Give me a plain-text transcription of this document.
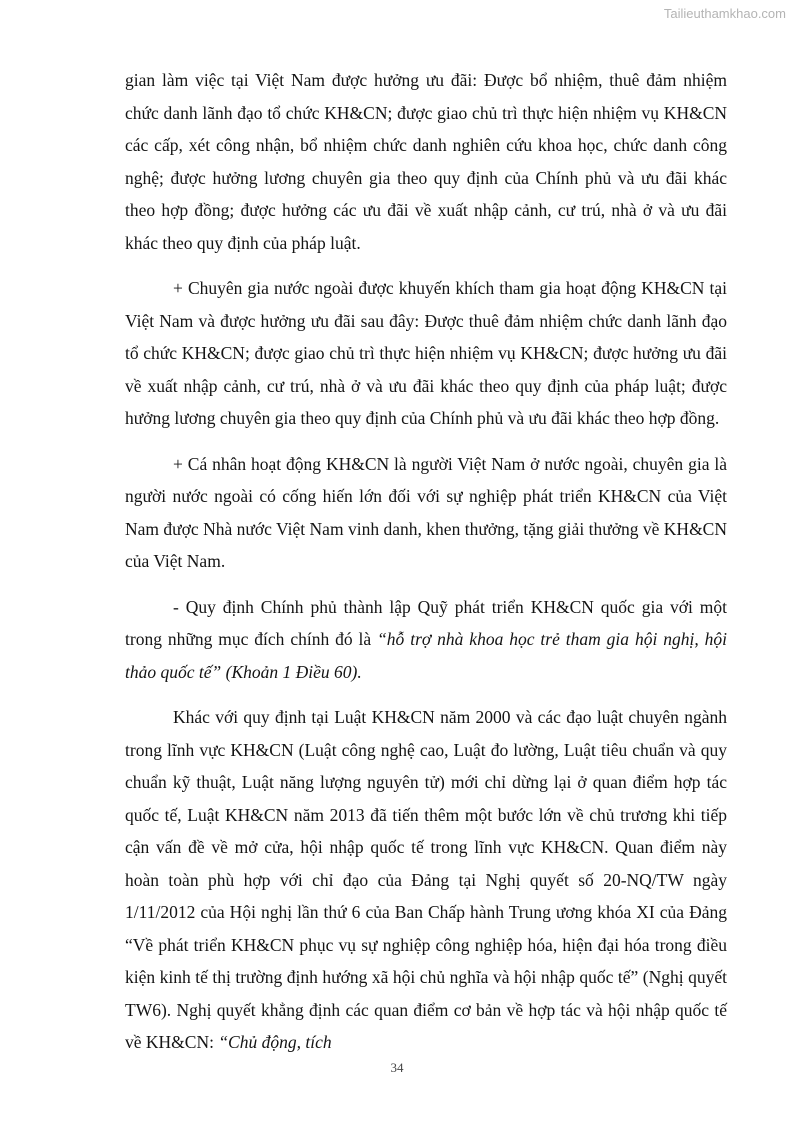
Tailieuthamkhao.com

gian làm việc tại Việt Nam được hưởng ưu đãi: Được bổ nhiệm, thuê đảm nhiệm chức danh lãnh đạo tổ chức KH&CN; được giao chủ trì thực hiện nhiệm vụ KH&CN các cấp, xét công nhận, bổ nhiệm chức danh nghiên cứu khoa học, chức danh công nghệ; được hưởng lương chuyên gia theo quy định của Chính phủ và ưu đãi khác theo hợp đồng; được hưởng các ưu đãi về xuất nhập cảnh, cư trú, nhà ở và ưu đãi khác theo quy định của pháp luật.

+ Chuyên gia nước ngoài được khuyến khích tham gia hoạt động KH&CN tại Việt Nam và được hưởng ưu đãi sau đây: Được thuê đảm nhiệm chức danh lãnh đạo tổ chức KH&CN; được giao chủ trì thực hiện nhiệm vụ KH&CN; được hưởng ưu đãi về xuất nhập cảnh, cư trú, nhà ở và ưu đãi khác theo quy định của pháp luật; được hưởng lương chuyên gia theo quy định của Chính phủ và ưu đãi khác theo hợp đồng.

+ Cá nhân hoạt động KH&CN là người Việt Nam ở nước ngoài, chuyên gia là người nước ngoài có cống hiến lớn đối với sự nghiệp phát triển KH&CN của Việt Nam được Nhà nước Việt Nam vinh danh, khen thưởng, tặng giải thưởng về KH&CN của Việt Nam.

- Quy định Chính phủ thành lập Quỹ phát triển KH&CN quốc gia với một trong những mục đích chính đó là “hỗ trợ nhà khoa học trẻ tham gia hội nghị, hội thảo quốc tế” (Khoản 1 Điều 60).

Khác với quy định tại Luật KH&CN năm 2000 và các đạo luật chuyên ngành trong lĩnh vực KH&CN (Luật công nghệ cao, Luật đo lường, Luật tiêu chuẩn và quy chuẩn kỹ thuật, Luật năng lượng nguyên tử) mới chỉ dừng lại ở quan điểm hợp tác quốc tế, Luật KH&CN năm 2013 đã tiến thêm một bước lớn về chủ trương khi tiếp cận vấn đề về mở cửa, hội nhập quốc tế trong lĩnh vực KH&CN. Quan điểm này hoàn toàn phù hợp với chỉ đạo của Đảng tại Nghị quyết số 20-NQ/TW ngày 1/11/2012 của Hội nghị lần thứ 6 của Ban Chấp hành Trung ương khóa XI của Đảng “Về phát triển KH&CN phục vụ sự nghiệp công nghiệp hóa, hiện đại hóa trong điều kiện kinh tế thị trường định hướng xã hội chủ nghĩa và hội nhập quốc tế” (Nghị quyết TW6). Nghị quyết khẳng định các quan điểm cơ bản về hợp tác và hội nhập quốc tế về KH&CN: “Chủ động, tích

34
